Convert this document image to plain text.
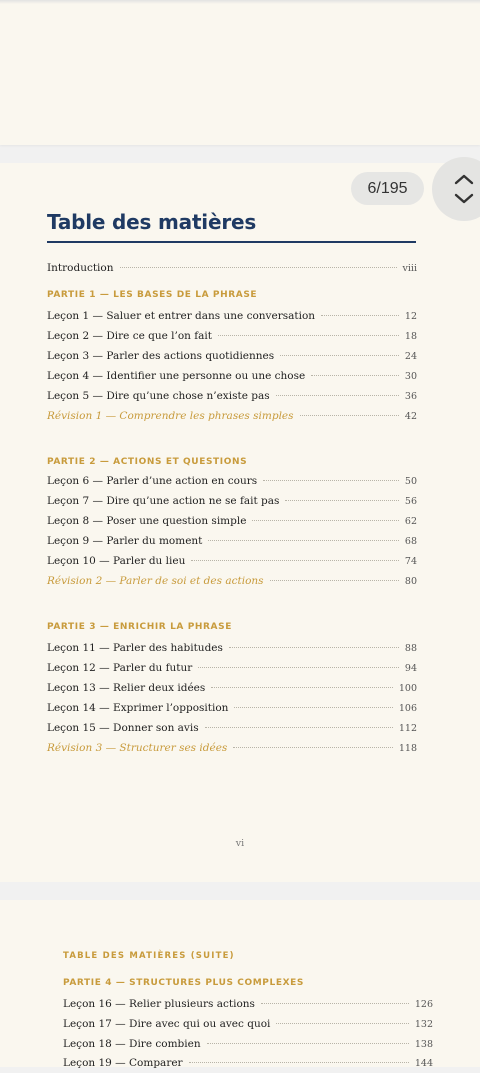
6/195
Table des matières
Introduction	viii
PARTIE 1 — LES BASES DE LA PHRASE
Leçon 1 — Saluer et entrer dans une conversation	12
Leçon 2 — Dire ce que l’on fait	18
Leçon 3 — Parler des actions quotidiennes	24
Leçon 4 — Identifier une personne ou une chose	30
Leçon 5 — Dire qu’une chose n’existe pas	36
Révision 1 — Comprendre les phrases simples	42
PARTIE 2 — ACTIONS ET QUESTIONS
Leçon 6 — Parler d’une action en cours	50
Leçon 7 — Dire qu’une action ne se fait pas	56
Leçon 8 — Poser une question simple	62
Leçon 9 — Parler du moment	68
Leçon 10 — Parler du lieu	74
Révision 2 — Parler de soi et des actions	80
PARTIE 3 — ENRICHIR LA PHRASE
Leçon 11 — Parler des habitudes	88
Leçon 12 — Parler du futur	94
Leçon 13 — Relier deux idées	100
Leçon 14 — Exprimer l’opposition	106
Leçon 15 — Donner son avis	112
Révision 3 — Structurer ses idées	118
vi
TABLE DES MATIÈRES (SUITE)
PARTIE 4 — STRUCTURES PLUS COMPLEXES
Leçon 16 — Relier plusieurs actions	126
Leçon 17 — Dire avec qui ou avec quoi	132
Leçon 18 — Dire combien	138
Leçon 19 — Comparer	144
